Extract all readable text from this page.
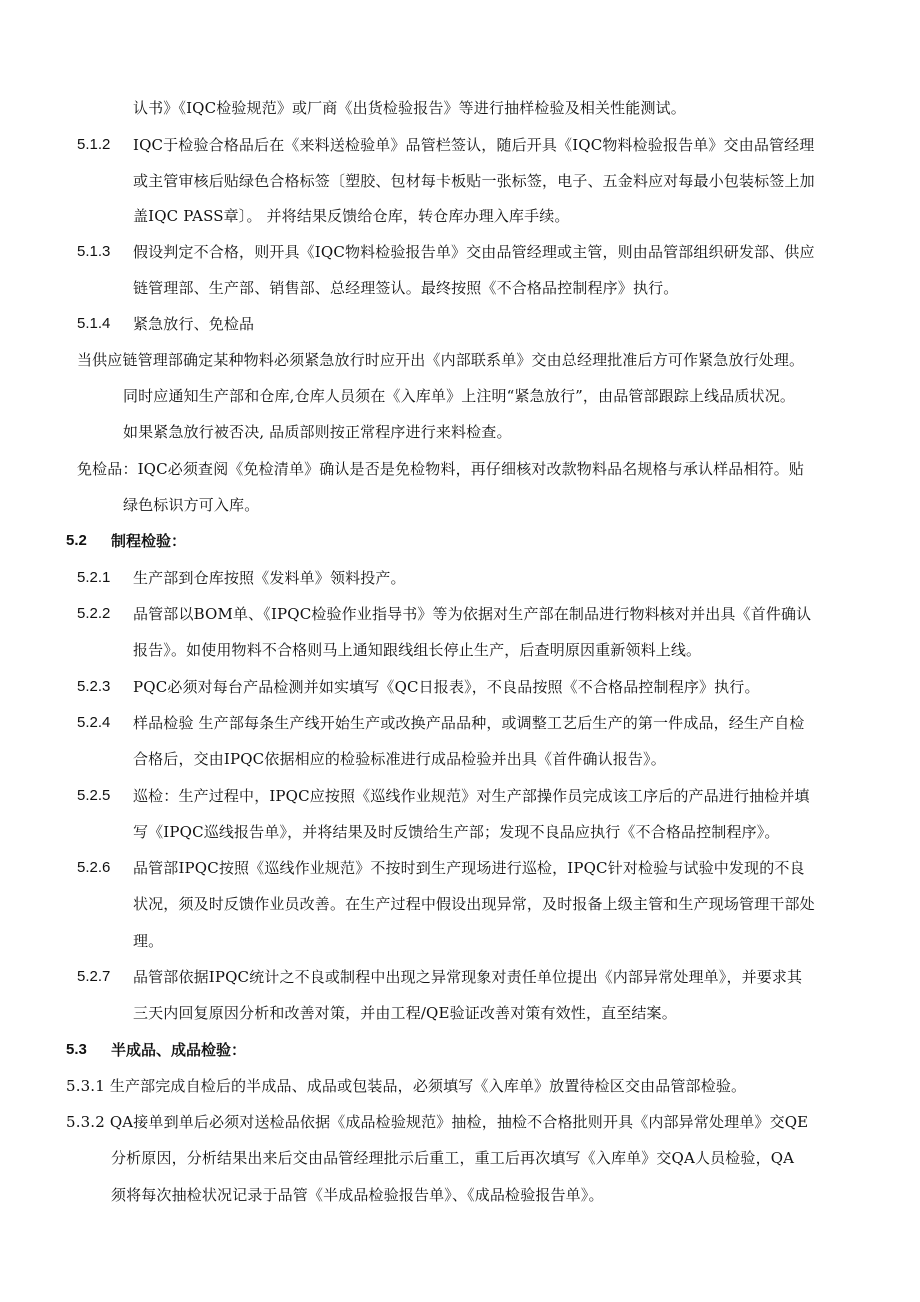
认书》《IQC检验规范》或厂商《出货检验报告》等进行抽样检验及相关性能测试。
5.1.2 IQC于检验合格品后在《来料送检验单》品管栏签认，随后开具《IQC物料检验报告单》交由品管经理
或主管审核后贴绿色合格标签〔塑胶、包材每卡板贴一张标签，电子、五金料应对每最小包装标签上加
盖IQC PASS章〕。 并将结果反馈给仓库，转仓库办理入库手续。
5.1.3 假设判定不合格，则开具《IQC物料检验报告单》交由品管经理或主管，则由品管部组织研发部、供应
链管理部、生产部、销售部、总经理签认。最终按照《不合格品控制程序》执行。
5.1.4 紧急放行、免检品
当供应链管理部确定某种物料必须紧急放行时应开出《内部联系单》交由总经理批准后方可作紧急放行处理。
同时应通知生产部和仓库,仓库人员须在《入库单》上注明“紧急放行”，由品管部跟踪上线品质状况。
如果紧急放行被否决, 品质部则按正常程序进行来料检查。
免检品：IQC必须查阅《免检清单》确认是否是免检物料，再仔细核对改款物料品名规格与承认样品相符。贴
绿色标识方可入库。
5.2 制程检验：
5.2.1 生产部到仓库按照《发料单》领料投产。
5.2.2 品管部以BOM单、《IPQC检验作业指导书》等为依据对生产部在制品进行物料核对并出具《首件确认
报告》。如使用物料不合格则马上通知跟线组长停止生产，后查明原因重新领料上线。
5.2.3 PQC必须对每台产品检测并如实填写《QC日报表》，不良品按照《不合格品控制程序》执行。
5.2.4 样品检验 生产部每条生产线开始生产或改换产品品种，或调整工艺后生产的第一件成品，经生产自检
合格后，交由IPQC依据相应的检验标准进行成品检验并出具《首件确认报告》。
5.2.5 巡检：生产过程中，IPQC应按照《巡线作业规范》对生产部操作员完成该工序后的产品进行抽检并填
写《IPQC巡线报告单》，并将结果及时反馈给生产部；发现不良品应执行《不合格品控制程序》。
5.2.6 品管部IPQC按照《巡线作业规范》不按时到生产现场进行巡检，IPQC针对检验与试验中发现的不良
状况，须及时反馈作业员改善。在生产过程中假设出现异常，及时报备上级主管和生产现场管理干部处
理。
5.2.7 品管部依据IPQC统计之不良或制程中出现之异常现象对责任单位提出《内部异常处理单》，并要求其
三天内回复原因分析和改善对策，并由工程/QE验证改善对策有效性，直至结案。
5.3 半成品、成品检验：
5.3.1 生产部完成自检后的半成品、成品或包装品，必须填写《入库单》放置待检区交由品管部检验。
5.3.2 QA接单到单后必须对送检品依据《成品检验规范》抽检，抽检不合格批则开具《内部异常处理单》交QE
分析原因，分析结果出来后交由品管经理批示后重工，重工后再次填写《入库单》交QA人员检验，QA
须将每次抽检状况记录于品管《半成品检验报告单》、《成品检验报告单》。
